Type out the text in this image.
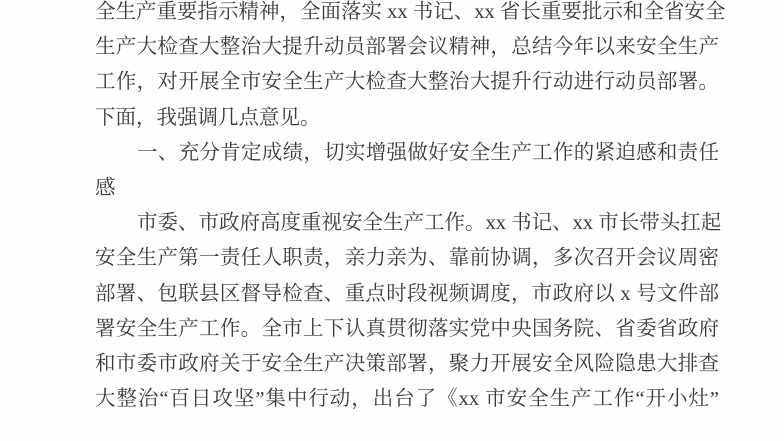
全生产重要指示精神，全面落实 xx 书记、xx 省长重要批示和全省安全
生产大检查大整治大提升动员部署会议精神，总结今年以来安全生产
工作，对开展全市安全生产大检查大整治大提升行动进行动员部署。
下面，我强调几点意见。
一、充分肯定成绩，切实增强做好安全生产工作的紧迫感和责任
感
市委、市政府高度重视安全生产工作。xx 书记、xx 市长带头扛起
安全生产第一责任人职责，亲力亲为、靠前协调，多次召开会议周密
部署、包联县区督导检查、重点时段视频调度，市政府以 x 号文件部
署安全生产工作。全市上下认真贯彻落实党中央国务院、省委省政府
和市委市政府关于安全生产决策部署，聚力开展安全风险隐患大排查
大整治“百日攻坚”集中行动，出台了《xx 市安全生产工作“开小灶”
